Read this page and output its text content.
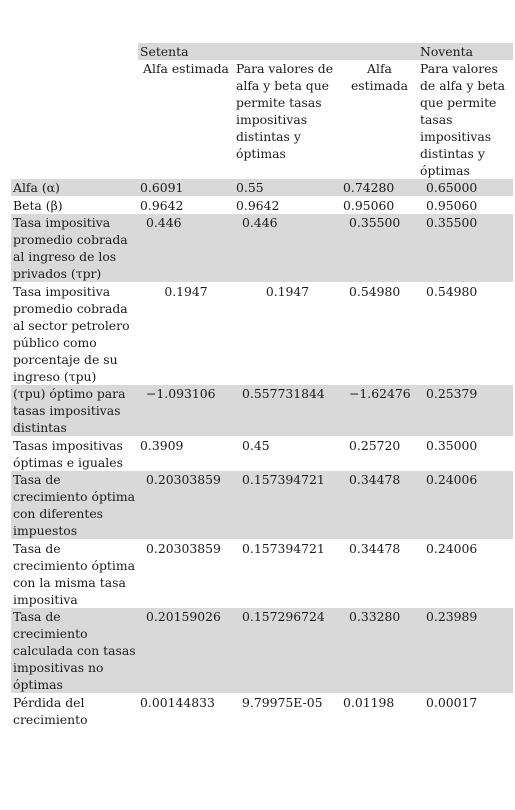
	Setenta			Noventa
	Alfa estimada	Para valores de alfa y beta que permite tasas impositivas distintas y óptimas	Alfa estimada	Para valores de alfa y beta que permite tasas impositivas distintas y óptimas
Alfa (α)	0.6091	0.55	0.74280	0.65000
Beta (β)	0.9642	0.9642	0.95060	0.95060
Tasa impositiva promedio cobrada al ingreso de los privados (τpr)	0.446	0.446	0.35500	0.35500
Tasa impositiva promedio cobrada al sector petrolero público como porcentaje de su ingreso (τpu)	0.1947	0.1947	0.54980	0.54980
(τpu) óptimo para tasas impositivas distintas	−1.093106	0.557731844	−1.62476	0.25379
Tasas impositivas óptimas e iguales	0.3909	0.45	0.25720	0.35000
Tasa de crecimiento óptima con diferentes impuestos	0.20303859	0.157394721	0.34478	0.24006
Tasa de crecimiento óptima con la misma tasa impositiva	0.20303859	0.157394721	0.34478	0.24006
Tasa de crecimiento calculada con tasas impositivas no óptimas	0.20159026	0.157296724	0.33280	0.23989
Pérdida del crecimiento	0.00144833	9.79975E-05	0.01198	0.00017
